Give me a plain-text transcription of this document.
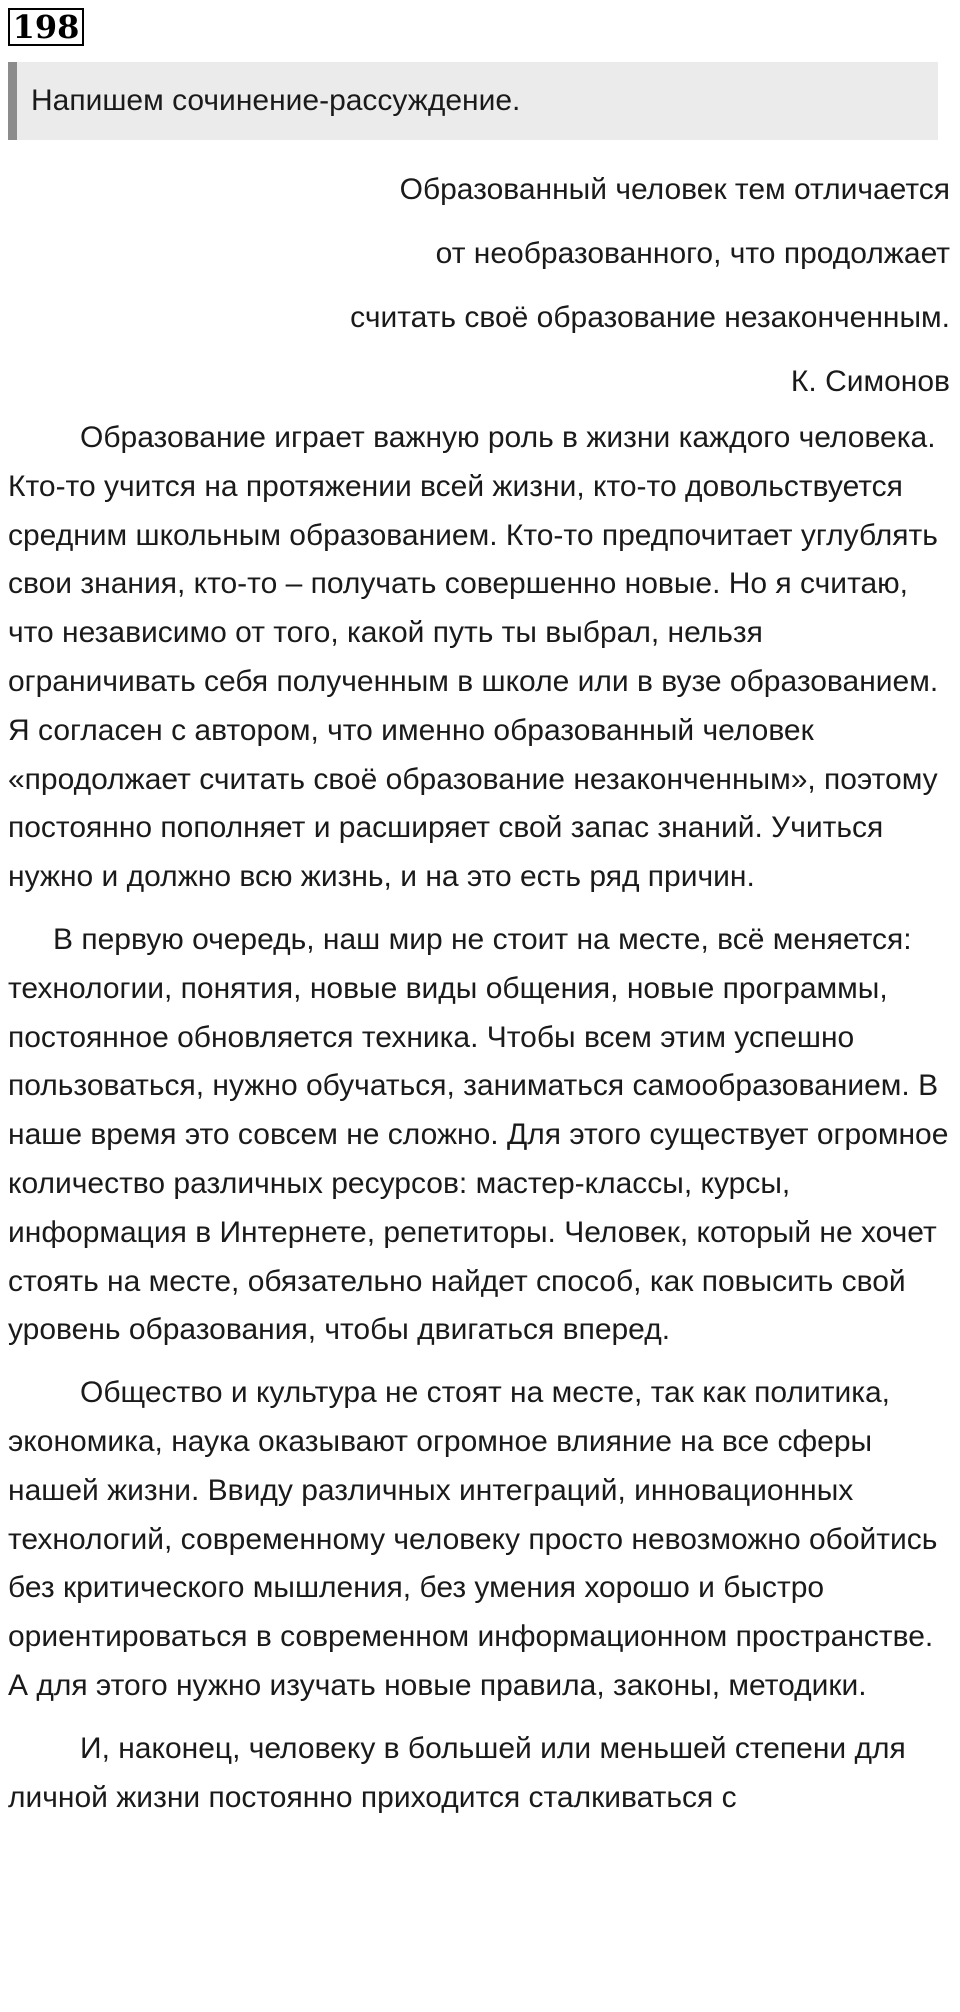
198
Напишем сочинение-рассуждение.
Образованный человек тем отличается
от необразованного, что продолжает
считать своё образование незаконченным.
К. Симонов

Образование играет важную роль в жизни каждого человека. Кто-то учится на протяжении всей жизни, кто-то довольствуется средним школьным образованием. Кто-то предпочитает углублять свои знания, кто-то – получать совершенно новые. Но я считаю, что независимо от того, какой путь ты выбрал, нельзя ограничивать себя полученным в школе или в вузе образованием. Я согласен с автором, что именно образованный человек «продолжает считать своё образование незаконченным», поэтому постоянно пополняет и расширяет свой запас знаний. Учиться нужно и должно всю жизнь, и на это есть ряд причин.

В первую очередь, наш мир не стоит на месте, всё меняется: технологии, понятия, новые виды общения, новые программы, постоянное обновляется техника. Чтобы всем этим успешно пользоваться, нужно обучаться, заниматься самообразованием. В наше время это совсем не сложно. Для этого существует огромное количество различных ресурсов: мастер-классы, курсы, информация в Интернете, репетиторы. Человек, который не хочет стоять на месте, обязательно найдет способ, как повысить свой уровень образования, чтобы двигаться вперед.

Общество и культура не стоят на месте, так как политика, экономика, наука оказывают огромное влияние на все сферы нашей жизни. Ввиду различных интеграций, инновационных технологий, современному человеку просто невозможно обойтись без критического мышления, без умения хорошо и быстро ориентироваться в современном информационном пространстве. А для этого нужно изучать новые правила, законы, методики.

И, наконец, человеку в большей или меньшей степени для личной жизни постоянно приходится сталкиваться с
